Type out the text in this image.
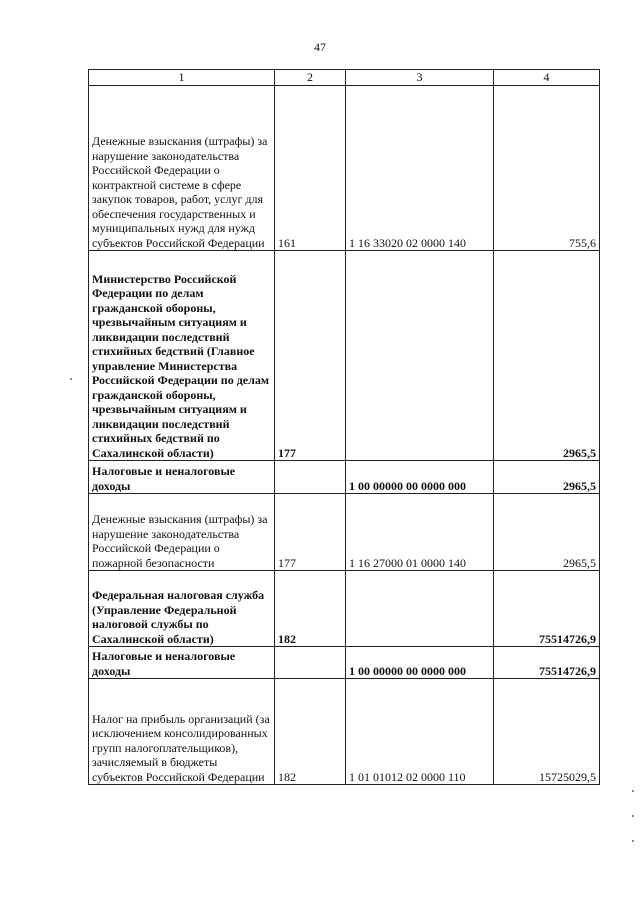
47
1	2	3	4
Денежные взыскания (штрафы) за нарушение законодательства Российской Федерации о контрактной системе в сфере закупок товаров, работ, услуг для обеспечения государственных и муниципальных нужд для нужд субъектов Российской Федерации	161	1 16 33020 02 0000 140	755,6
Министерство Российской Федерации по делам гражданской обороны, чрезвычайным ситуациям и ликвидации последствий стихийных бедствий (Главное управление Министерства Российской Федерации по делам гражданской обороны, чрезвычайным ситуациям и ликвидации последствий стихийных бедствий по Сахалинской области)	177		2965,5
Налоговые и неналоговые доходы		1 00 00000 00 0000 000	2965,5
Денежные взыскания (штрафы) за нарушение законодательства Российской Федерации о пожарной безопасности	177	1 16 27000 01 0000 140	2965,5
Федеральная налоговая служба (Управление Федеральной налоговой службы по Сахалинской области)	182		75514726,9
Налоговые и неналоговые доходы		1 00 00000 00 0000 000	75514726,9
Налог на прибыль организаций (за исключением консолидированных групп налогоплательщиков), зачисляемый в бюджеты субъектов Российской Федерации	182	1 01 01012 02 0000 110	15725029,5
